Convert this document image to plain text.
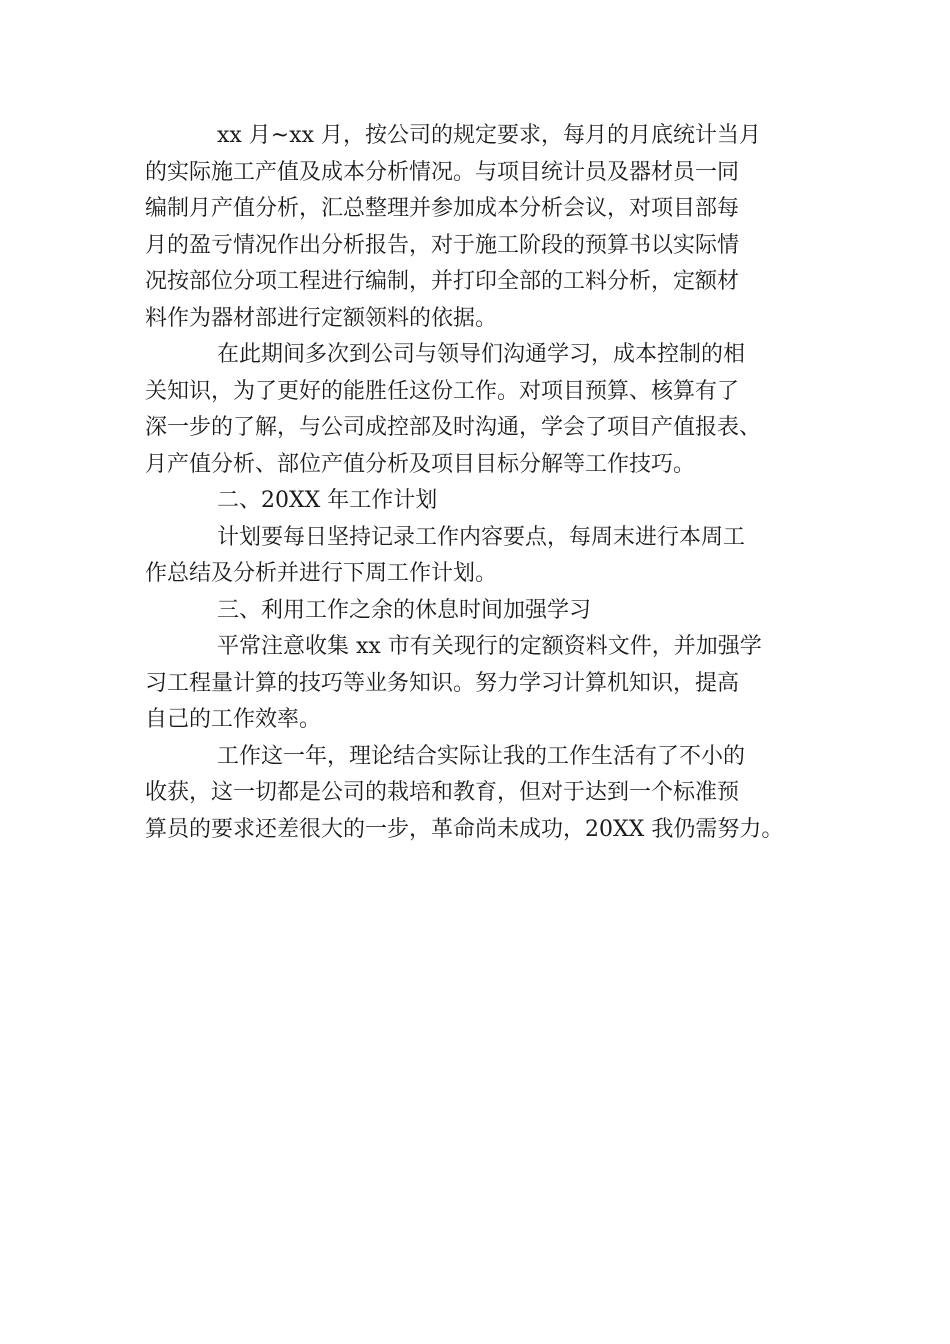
xx 月~xx 月，按公司的规定要求，每月的月底统计当月
的实际施工产值及成本分析情况。与项目统计员及器材员一同
编制月产值分析，汇总整理并参加成本分析会议，对项目部每
月的盈亏情况作出分析报告，对于施工阶段的预算书以实际情
况按部位分项工程进行编制，并打印全部的工料分析，定额材
料作为器材部进行定额领料的依据。
在此期间多次到公司与领导们沟通学习，成本控制的相
关知识，为了更好的能胜任这份工作。对项目预算、核算有了
深一步的了解，与公司成控部及时沟通，学会了项目产值报表、
月产值分析、部位产值分析及项目目标分解等工作技巧。
二、20XX 年工作计划
计划要每日坚持记录工作内容要点，每周末进行本周工
作总结及分析并进行下周工作计划。
三、利用工作之余的休息时间加强学习
平常注意收集 xx 市有关现行的定额资料文件，并加强学
习工程量计算的技巧等业务知识。努力学习计算机知识，提高
自己的工作效率。
工作这一年，理论结合实际让我的工作生活有了不小的
收获，这一切都是公司的栽培和教育，但对于达到一个标准预
算员的要求还差很大的一步，革命尚未成功，20XX 我仍需努力。
